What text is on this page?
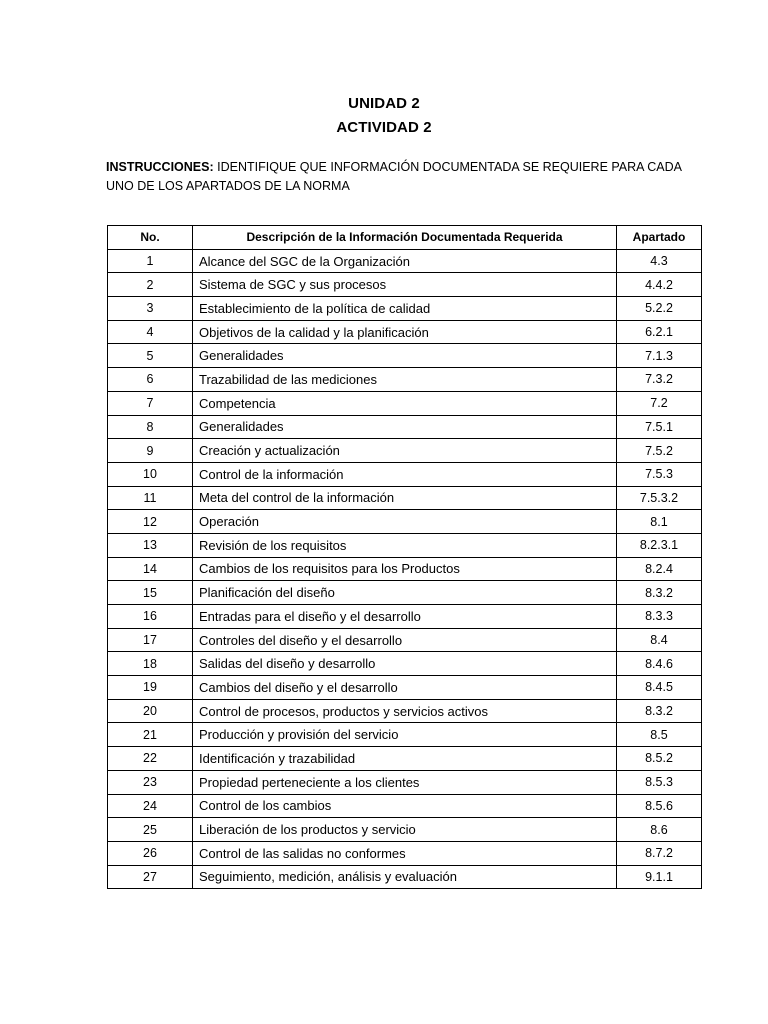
UNIDAD 2
ACTIVIDAD 2
INSTRUCCIONES: IDENTIFIQUE QUE INFORMACIÓN DOCUMENTADA SE REQUIERE PARA CADA UNO DE LOS APARTADOS DE LA NORMA
No.	Descripción de la Información Documentada Requerida	Apartado
1	Alcance del SGC de la Organización	4.3
2	Sistema de SGC y sus procesos	4.4.2
3	Establecimiento de la política de calidad	5.2.2
4	Objetivos de la calidad y la planificación	6.2.1
5	Generalidades	7.1.3
6	Trazabilidad de las mediciones	7.3.2
7	Competencia	7.2
8	Generalidades	7.5.1
9	Creación y actualización	7.5.2
10	Control de la información	7.5.3
11	Meta del control de la información	7.5.3.2
12	Operación	8.1
13	Revisión de los requisitos	8.2.3.1
14	Cambios de los requisitos para los Productos	8.2.4
15	Planificación del diseño	8.3.2
16	Entradas para el diseño y el desarrollo	8.3.3
17	Controles del diseño y el desarrollo	8.4
18	Salidas del diseño y desarrollo	8.4.6
19	Cambios del diseño y el desarrollo	8.4.5
20	Control de procesos, productos y servicios activos	8.3.2
21	Producción y provisión del servicio	8.5
22	Identificación y trazabilidad	8.5.2
23	Propiedad perteneciente a los clientes	8.5.3
24	Control de los cambios	8.5.6
25	Liberación de los productos y servicio	8.6
26	Control de las salidas no conformes	8.7.2
27	Seguimiento, medición, análisis y evaluación	9.1.1
